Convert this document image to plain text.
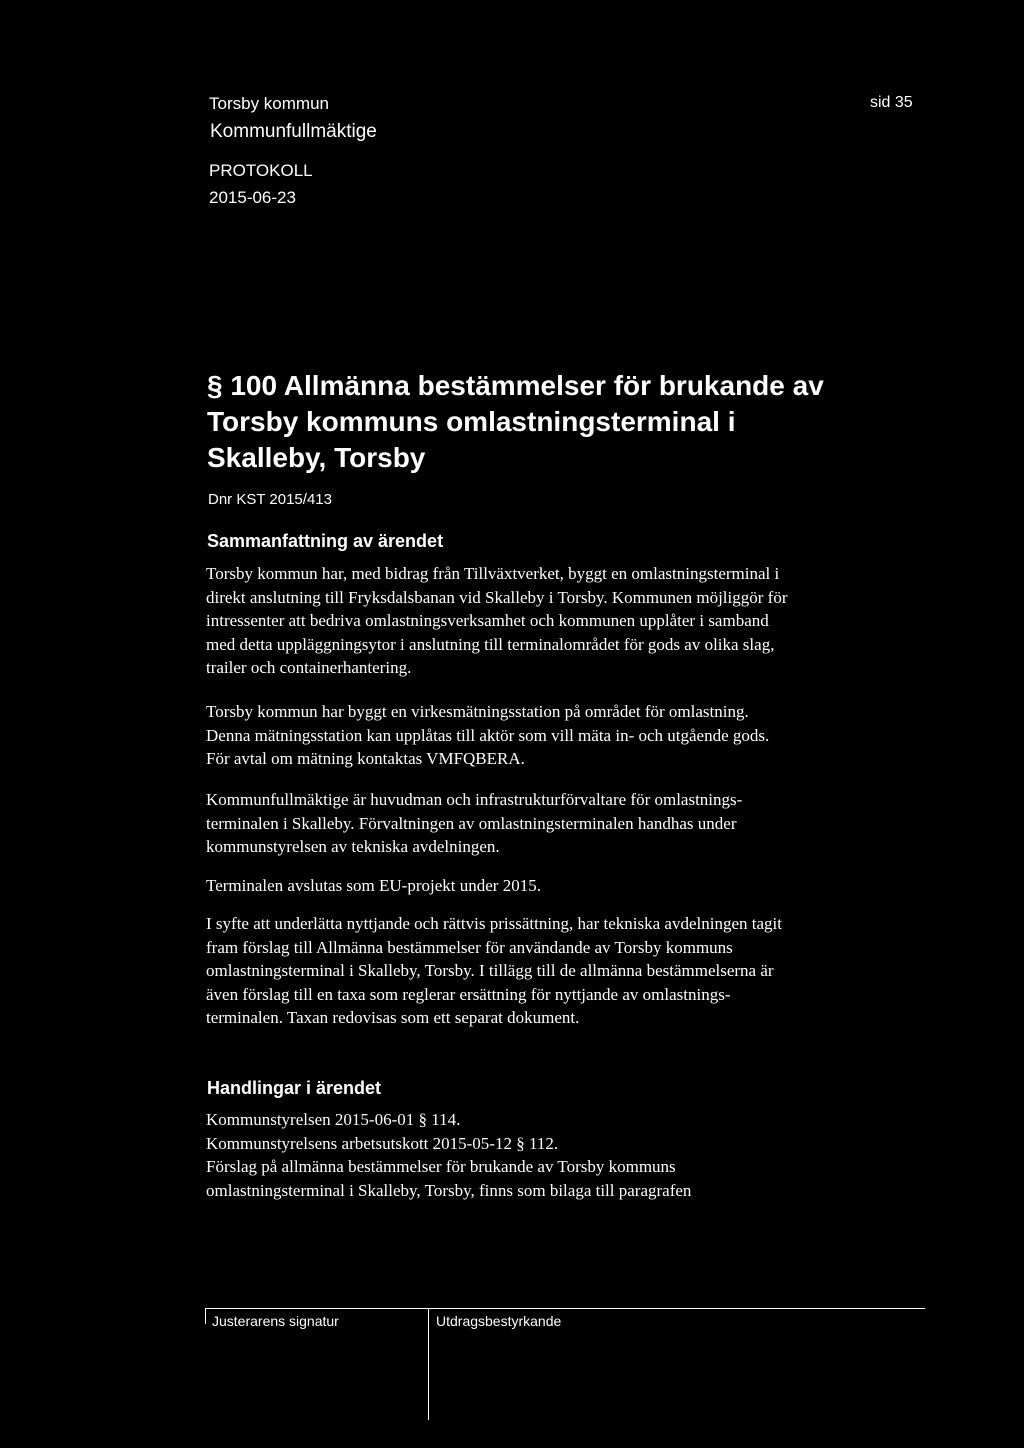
Torsby kommun
Kommunfullmäktige
sid 35
PROTOKOLL
2015-06-23
§ 100 Allmänna bestämmelser för brukande av
Torsby kommuns omlastningsterminal i
Skalleby, Torsby
Dnr KST 2015/413
Sammanfattning av ärendet
Torsby kommun har, med bidrag från Tillväxtverket, byggt en omlastningsterminal i
direkt anslutning till Fryksdalsbanan vid Skalleby i Torsby. Kommunen möjliggör för
intressenter att bedriva omlastningsverksamhet och kommunen upplåter i samband
med detta uppläggningsytor i anslutning till terminalområdet för gods av olika slag,
trailer och containerhantering.
Torsby kommun har byggt en virkesmätningsstation på området för omlastning.
Denna mätningsstation kan upplåtas till aktör som vill mäta in- och utgående gods.
För avtal om mätning kontaktas VMFQBERA.
Kommunfullmäktige är huvudman och infrastrukturförvaltare för omlastnings-
terminalen i Skalleby. Förvaltningen av omlastningsterminalen handhas under
kommunstyrelsen av tekniska avdelningen.
Terminalen avslutas som EU-projekt under 2015.
I syfte att underlätta nyttjande och rättvis prissättning, har tekniska avdelningen tagit
fram förslag till Allmänna bestämmelser för användande av Torsby kommuns
omlastningsterminal i Skalleby, Torsby. I tillägg till de allmänna bestämmelserna är
även förslag till en taxa som reglerar ersättning för nyttjande av omlastnings-
terminalen. Taxan redovisas som ett separat dokument.
Handlingar i ärendet
Kommunstyrelsen 2015-06-01 § 114.
Kommunstyrelsens arbetsutskott 2015-05-12 § 112.
Förslag på allmänna bestämmelser för brukande av Torsby kommuns
omlastningsterminal i Skalleby, Torsby, finns som bilaga till paragrafen
Justerarens signatur	Utdragsbestyrkande
